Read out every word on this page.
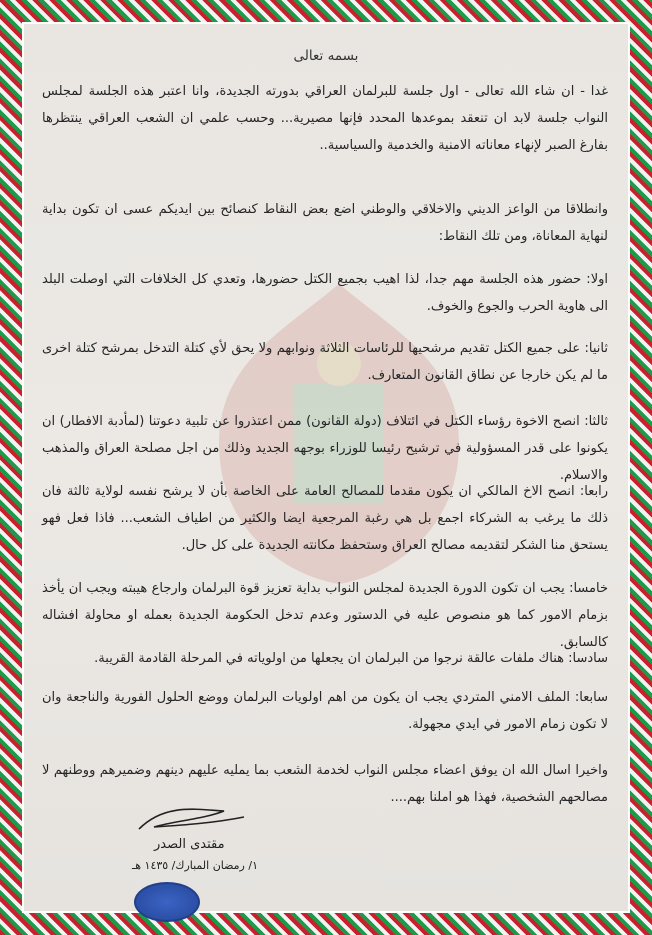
بسمه تعالى
غدا - ان شاء الله تعالى - اول جلسة للبرلمان العراقي بدورته الجديدة، وانا اعتبر هذه الجلسة لمجلس النواب جلسة لابد ان تنعقد بموعدها المحدد فإنها مصيرية... وحسب علمي ان الشعب العراقي ينتظرها بفارغ الصبر لإنهاء معاناته الامنية والخدمية والسياسية..
وانطلاقا من الواعز الديني والاخلاقي والوطني اضع بعض النقاط كنصائح بين ايديكم عسى ان تكون بداية لنهاية المعاناة، ومن تلك النقاط:
اولا: حضور هذه الجلسة مهم جدا، لذا اهيب بجميع الكتل حضورها، وتعدي كل الخلافات التي اوصلت البلد الى هاوية الحرب والجوع والخوف.
ثانيا: على جميع الكتل تقديم مرشحيها للرئاسات الثلاثة ونوابهم ولا يحق لأي كتلة التدخل بمرشح كتلة اخرى ما لم يكن خارجا عن نطاق القانون المتعارف.
ثالثا: انصح الاخوة رؤساء الكتل في ائتلاف (دولة القانون) ممن اعتذروا عن تلبية دعوتنا (لمأدبة الافطار) ان يكونوا على قدر المسؤولية في ترشيح رئيسا للوزراء بوجهه الجديد وذلك من اجل مصلحة العراق والمذهب والاسلام.
رابعا: انصح الاخ المالكي ان يكون مقدما للمصالح العامة على الخاصة بأن لا يرشح نفسه لولاية ثالثة فان ذلك ما يرغب به الشركاء اجمع بل هي رغبة المرجعية ايضا والكثير من اطياف الشعب... فاذا فعل فهو يستحق منا الشكر لتقديمه مصالح العراق وستحفظ مكانته الجديدة على كل حال.
خامسا: يجب ان تكون الدورة الجديدة لمجلس النواب بداية تعزيز قوة البرلمان وارجاع هيبته ويجب ان يأخذ بزمام الامور كما هو منصوص عليه في الدستور وعدم تدخل الحكومة الجديدة بعمله او محاولة افشاله كالسابق.
سادسا: هناك ملفات عالقة نرجوا من البرلمان ان يجعلها من اولوياته في المرحلة القادمة القريبة.
سابعا: الملف الامني المتردي يجب ان يكون من اهم اولويات البرلمان ووضع الحلول الفورية والناجعة وان لا تكون زمام الامور في ايدي مجهولة.
واخيرا اسال الله ان يوفق اعضاء مجلس النواب لخدمة الشعب بما يمليه عليهم دينهم وضميرهم ووطنهم لا مصالحهم الشخصية، فهذا هو املنا بهم....
مقتدى الصدر
١/ رمضان المبارك/ ١٤٣٥ هـ
